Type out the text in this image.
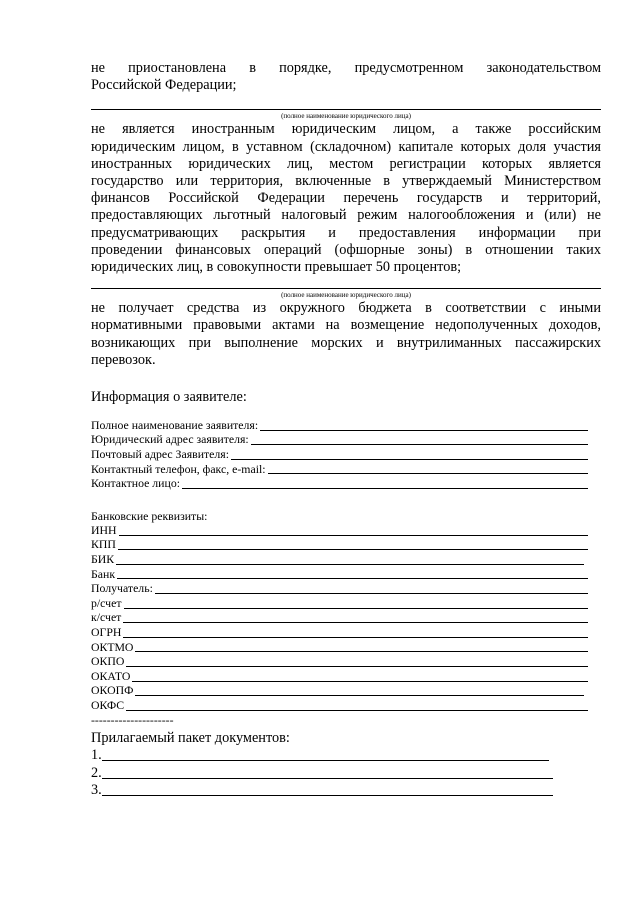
не приостановлена в порядке, предусмотренном законодательством

Российской Федерации;

(полное наименование юридического лица)

не является иностранным юридическим лицом, а также российским

юридическим лицом, в уставном (складочном) капитале которых доля участия

иностранных юридических лиц, местом регистрации которых является

государство или территория, включенные в утверждаемый Министерством

финансов Российской Федерации перечень государств и территорий,

предоставляющих льготный налоговый режим налогообложения и (или) не

предусматривающих раскрытия и предоставления информации при

проведении финансовых операций (офшорные зоны) в отношении таких

юридических лиц, в совокупности превышает 50 процентов;

(полное наименование юридического лица)

не получает средства из окружного бюджета в соответствии с иными

нормативными правовыми актами на возмещение недополученных доходов,

возникающих при выполнение морских и внутрилиманных пассажирских

перевозок.

Информация о заявителе:
Полное наименование заявителя:
Юридический адрес заявителя:
Почтовый адрес Заявителя:
Контактный телефон, факс, e-mail:
Контактное лицо:
Банковские реквизиты:
ИНН
КПП
БИК
Банк
Получатель:
р/счет
к/счет
ОГРН
ОКТМО
ОКПО
ОКАТО
ОКОПФ
ОКФС
---------------------
Прилагаемый пакет документов:
1.
2.
3.
